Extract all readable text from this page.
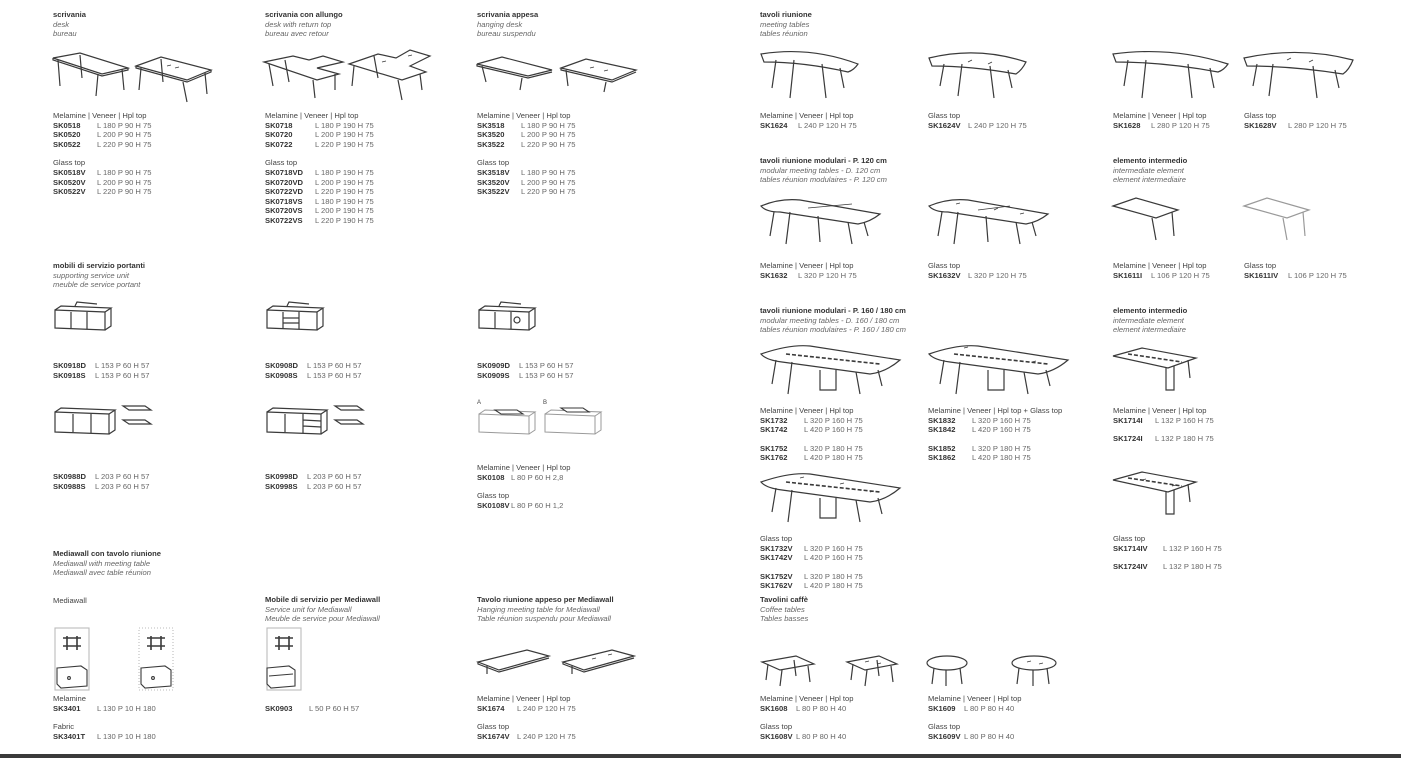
scrivania
desk
bureau
scrivania con allungo
desk with return top
bureau avec retour
scrivania appesa
hanging desk
bureau suspendu
tavoli riunione
meeting tables
tables réunion
tavoli riunione modulari - P. 120 cm
modular meeting tables - D. 120 cm
tables réunion modulaires - P. 120 cm
elemento intermedio
intermediate element
element intermediaire
mobili di servizio portanti
supporting service unit
meuble de service portant
tavoli riunione modulari - P. 160 / 180 cm
modular meeting tables - D. 160 / 180 cm
tables réunion modulaires - P. 160 / 180 cm
elemento intermedio
intermediate element
element intermediaire
Mediawall con tavolo riunione
Mediawall with meeting table
Mediawall avec table réunion
Mobile di servizio per Mediawall
Service unit for Mediawall
Meuble de service pour Mediawall
Tavolo riunione appeso per Mediawall
Hanging meeting table for Mediawall
Table réunion suspendu pour Mediawall
Tavolini caffè
Coffee tables
Tables basses
Melamine | Veneer | Hpl top
SK0518 L 180 P 90 H 75
SK0520 L 200 P 90 H 75
SK0522 L 220 P 90 H 75
Glass top
SK0518V L 180 P 90 H 75
SK0520V L 200 P 90 H 75
SK0522V L 220 P 90 H 75
Melamine | Veneer | Hpl top
SK0718	L 180 P 190 H 75
SK0720	L 200 P 190 H 75
SK0722	L 220 P 190 H 75
Glass top
SK0718VD L 180 P 190 H 75
SK0720VD L 200 P 190 H 75
SK0722VD L 220 P 190 H 75
SK0718VS L 180 P 190 H 75
SK0720VS L 200 P 190 H 75
SK0722VS L 220 P 190 H 75
Melamine | Veneer | Hpl top
SK3518 L 180 P 90 H 75
SK3520 L 200 P 90 H 75
SK3522 L 220 P 90 H 75
Glass top
SK3518V L 180 P 90 H 75
SK3520V L 200 P 90 H 75
SK3522V L 220 P 90 H 75
Melamine | Veneer | Hpl top
SK1624 L 240 P 120 H 75
Glass top
SK1624V L 240 P 120 H 75
Melamine | Veneer | Hpl top
SK1628 L 280 P 120 H 75
Glass top
SK1628V L 280 P 120 H 75
Melamine | Veneer | Hpl top
SK1632 L 320 P 120 H 75
Glass top
SK1632V L 320 P 120 H 75
Melamine | Veneer | Hpl top
SK1611I L 106 P 120 H 75
Glass top
SK1611IV L 106 P 120 H 75
SK0918D L 153 P 60 H 57
SK0918S L 153 P 60 H 57
SK0908D L 153 P 60 H 57
SK0908S L 153 P 60 H 57
SK0909D L 153 P 60 H 57
SK0909S L 153 P 60 H 57
Melamine | Veneer | Hpl top
SK1732 L 320 P 160 H 75
SK1742 L 420 P 160 H 75
SK1752 L 320 P 180 H 75
SK1762 L 420 P 180 H 75
Melamine | Veneer | Hpl top + Glass top
SK1832 L 320 P 160 H 75
SK1842 L 420 P 160 H 75
SK1852 L 320 P 180 H 75
SK1862 L 420 P 180 H 75
Melamine | Veneer | Hpl top
SK1714I L 132 P 160 H 75
SK1724I L 132 P 180 H 75
SK0988D L 203 P 60 H 57
SK0988S L 203 P 60 H 57
SK0998D L 203 P 60 H 57
SK0998S L 203 P 60 H 57
Melamine | Veneer | Hpl top
SK0108 L 80 P 60 H 2,8
Glass top
SK0108VL 80 P 60 H 1,2
Glass top
SK1732V L 320 P 160 H 75
SK1742V L 420 P 160 H 75
SK1752V L 320 P 180 H 75
SK1762V L 420 P 180 H 75
Glass top
SK1714IV L 132 P 160 H 75
SK1724IV L 132 P 180 H 75
Melamine
SK3401 L 130 P 10 H 180
Fabric
SK3401T L 130 P 10 H 180
SK0903 L 50 P 60 H 57
Melamine | Veneer | Hpl top
SK1674 L 240 P 120 H 75
Glass top
SK1674V L 240 P 120 H 75
Melamine | Veneer | Hpl top
SK1608 L 80 P 80 H 40
Glass top
SK1608V L 80 P 80 H 40
Melamine | Veneer | Hpl top
SK1609 L 80 P 80 H 40
Glass top
SK1609V L 80 P 80 H 40
Mediawall
A	B
